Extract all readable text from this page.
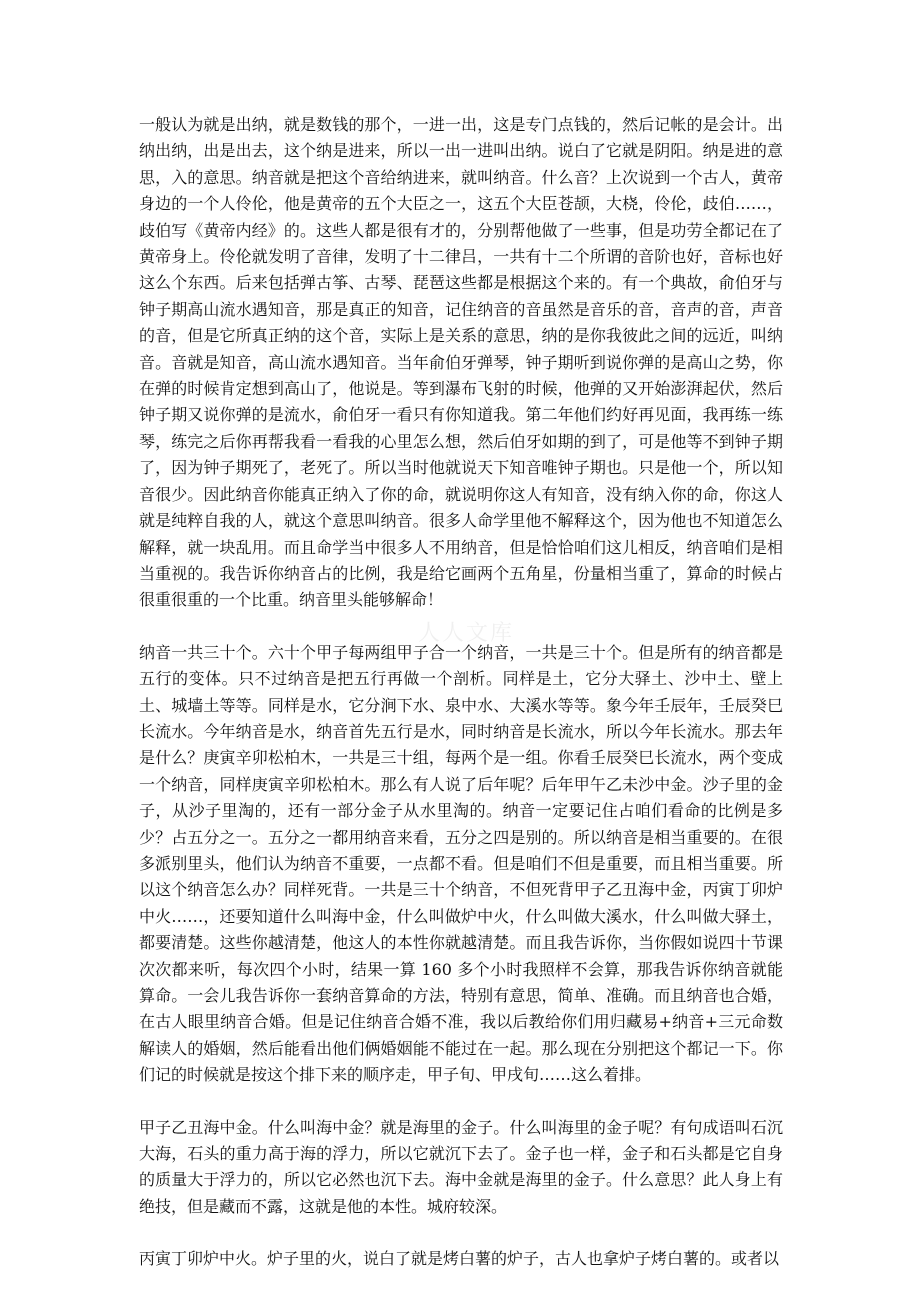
一般认为就是出纳，就是数钱的那个，一进一出，这是专门点钱的，然后记帐的是会计。出纳出纳，出是出去，这个纳是进来，所以一出一进叫出纳。说白了它就是阴阳。纳是进的意思，入的意思。纳音就是把这个音给纳进来，就叫纳音。什么音？上次说到一个古人，黄帝身边的一个人伶伦，他是黄帝的五个大臣之一，这五个大臣苍颉，大桡，伶伦，歧伯……，歧伯写《黄帝内经》的。这些人都是很有才的，分别帮他做了一些事，但是功劳全都记在了黄帝身上。伶伦就发明了音律，发明了十二律吕，一共有十二个所谓的音阶也好，音标也好这么个东西。后来包括弹古筝、古琴、琵琶这些都是根据这个来的。有一个典故，俞伯牙与钟子期高山流水遇知音，那是真正的知音，记住纳音的音虽然是音乐的音，音声的音，声音的音，但是它所真正纳的这个音，实际上是关系的意思，纳的是你我彼此之间的远近，叫纳音。音就是知音，高山流水遇知音。当年俞伯牙弹琴，钟子期听到说你弹的是高山之势，你在弹的时候肯定想到高山了，他说是。等到瀑布飞射的时候，他弹的又开始澎湃起伏，然后钟子期又说你弹的是流水，俞伯牙一看只有你知道我。第二年他们约好再见面，我再练一练琴，练完之后你再帮我看一看我的心里怎么想，然后伯牙如期的到了，可是他等不到钟子期了，因为钟子期死了，老死了。所以当时他就说天下知音唯钟子期也。只是他一个，所以知音很少。因此纳音你能真正纳入了你的命，就说明你这人有知音，没有纳入你的命，你这人就是纯粹自我的人，就这个意思叫纳音。很多人命学里他不解释这个，因为他也不知道怎么解释，就一块乱用。而且命学当中很多人不用纳音，但是恰恰咱们这儿相反，纳音咱们是相当重视的。我告诉你纳音占的比例，我是给它画两个五角星，份量相当重了，算命的时候占很重很重的一个比重。纳音里头能够解命！

纳音一共三十个。六十个甲子每两组甲子合一个纳音，一共是三十个。但是所有的纳音都是五行的变体。只不过纳音是把五行再做一个剖析。同样是土，它分大驿土、沙中土、壁上土、城墙土等等。同样是水，它分涧下水、泉中水、大溪水等等。象今年壬辰年，壬辰癸巳长流水。今年纳音是水，纳音首先五行是水，同时纳音是长流水，所以今年长流水。那去年是什么？庚寅辛卯松柏木，一共是三十组，每两个是一组。你看壬辰癸巳长流水，两个变成一个纳音，同样庚寅辛卯松柏木。那么有人说了后年呢？后年甲午乙未沙中金。沙子里的金子，从沙子里淘的，还有一部分金子从水里淘的。纳音一定要记住占咱们看命的比例是多少？占五分之一。五分之一都用纳音来看，五分之四是别的。所以纳音是相当重要的。在很多派别里头，他们认为纳音不重要，一点都不看。但是咱们不但是重要，而且相当重要。所以这个纳音怎么办？同样死背。一共是三十个纳音，不但死背甲子乙丑海中金，丙寅丁卯炉中火……，还要知道什么叫海中金，什么叫做炉中火，什么叫做大溪水，什么叫做大驿土，都要清楚。这些你越清楚，他这人的本性你就越清楚。而且我告诉你，当你假如说四十节课次次都来听，每次四个小时，结果一算 160 多个小时我照样不会算，那我告诉你纳音就能算命。一会儿我告诉你一套纳音算命的方法，特别有意思，简单、准确。而且纳音也合婚，在古人眼里纳音合婚。但是记住纳音合婚不准，我以后教给你们用归藏易+纳音+三元命数解读人的婚姻，然后能看出他们俩婚姻能不能过在一起。那么现在分别把这个都记一下。你们记的时候就是按这个排下来的顺序走，甲子旬、甲戌旬……这么着排。

甲子乙丑海中金。什么叫海中金？就是海里的金子。什么叫海里的金子呢？有句成语叫石沉大海，石头的重力高于海的浮力，所以它就沉下去了。金子也一样，金子和石头都是它自身的质量大于浮力的，所以它必然也沉下去。海中金就是海里的金子。什么意思？此人身上有绝技，但是藏而不露，这就是他的本性。城府较深。

丙寅丁卯炉中火。炉子里的火，说白了就是烤白薯的炉子，古人也拿炉子烤白薯的。或者以

人人文库
